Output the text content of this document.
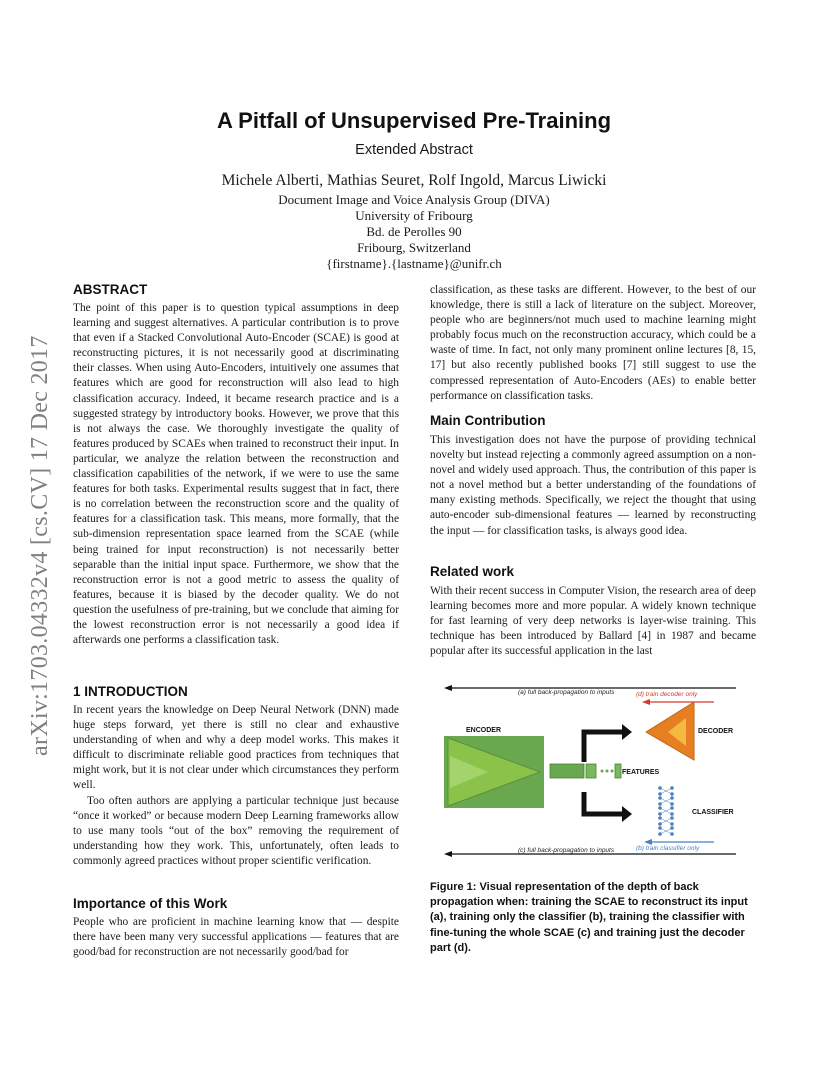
arXiv:1703.04332v4 [cs.CV] 17 Dec 2017
A Pitfall of Unsupervised Pre-Training
Extended Abstract
Michele Alberti, Mathias Seuret, Rolf Ingold, Marcus Liwicki
Document Image and Voice Analysis Group (DIVA)
University of Fribourg
Bd. de Perolles 90
Fribourg, Switzerland
{firstname}.{lastname}@unifr.ch
ABSTRACT

The point of this paper is to question typical assumptions in deep learning and suggest alternatives. A particular contribution is to prove that even if a Stacked Convolutional Auto-Encoder (SCAE) is good at reconstructing pictures, it is not necessarily good at discriminating their classes. When using Auto-Encoders, intuitively one assumes that features which are good for reconstruction will also lead to high classification accuracy. Indeed, it became research practice and is a suggested strategy by introductory books. However, we prove that this is not always the case. We thoroughly investigate the quality of features produced by SCAEs when trained to reconstruct their input. In particular, we analyze the relation between the reconstruction and classification capabilities of the network, if we were to use the same features for both tasks. Experimental results suggest that in fact, there is no correlation between the reconstruction score and the quality of features for a classification task. This means, more formally, that the sub-dimension representation space learned from the SCAE (while being trained for input reconstruction) is not necessarily better separable than the initial input space. Furthermore, we show that the reconstruction error is not a good metric to assess the quality of features, because it is biased by the decoder quality. We do not question the usefulness of pre-training, but we conclude that aiming for the lowest reconstruction error is not necessarily a good idea if afterwards one performs a classification task.

1 INTRODUCTION

In recent years the knowledge on Deep Neural Network (DNN) made huge steps forward, yet there is still no clear and exhaustive understanding of when and why a deep model works. This makes it difficult to discriminate reliable good practices from techniques that might work, but it is not clear under which circumstances they perform well.

Too often authors are applying a particular technique just because “once it worked” or because modern Deep Learning frameworks allow to use many tools “out of the box” removing the requirement of understanding how they work. This, unfortunately, often leads to commonly agreed practices without proper scientific verification.

Importance of this Work

People who are proficient in machine learning know that — despite there have been many very successful applications — features that are good/bad for reconstruction are not necessarily good/bad for

classification, as these tasks are different. However, to the best of our knowledge, there is still a lack of literature on the subject. Moreover, people who are beginners/not much used to machine learning might probably focus much on the reconstruction accuracy, which could be a waste of time. In fact, not only many prominent online lectures [8, 15, 17] but also recently published books [7] still suggest to use the compressed representation of Auto-Encoders (AEs) to enable better performance on classification tasks.

Main Contribution

This investigation does not have the purpose of providing technical novelty but instead rejecting a commonly agreed assumption on a non-novel and widely used approach. Thus, the contribution of this paper is not a novel method but a better understanding of the foundations of many existing methods. Specifically, we reject the thought that using auto-encoder sub-dimensional features — learned by reconstructing the input — for classification tasks, is always good idea.

Related work

With their recent success in Computer Vision, the research area of deep learning becomes more and more popular. A widely known technique for fast learning of very deep networks is layer-wise training. This technique has been introduced by Ballard [4] in 1987 and became popular after its successful application in the last

(a) full back-propagation to inputs	(d) train decoder only
ENCODER
FEATURES
DECODER
CLASSIFIER
(b) train classifier only
(c) full back-propagation to inputs
Figure 1: Visual representation of the depth of back propagation when: training the SCAE to reconstruct its input (a), training only the classifier (b), training the classifier with fine-tuning the whole SCAE (c) and training just the decoder part (d).
